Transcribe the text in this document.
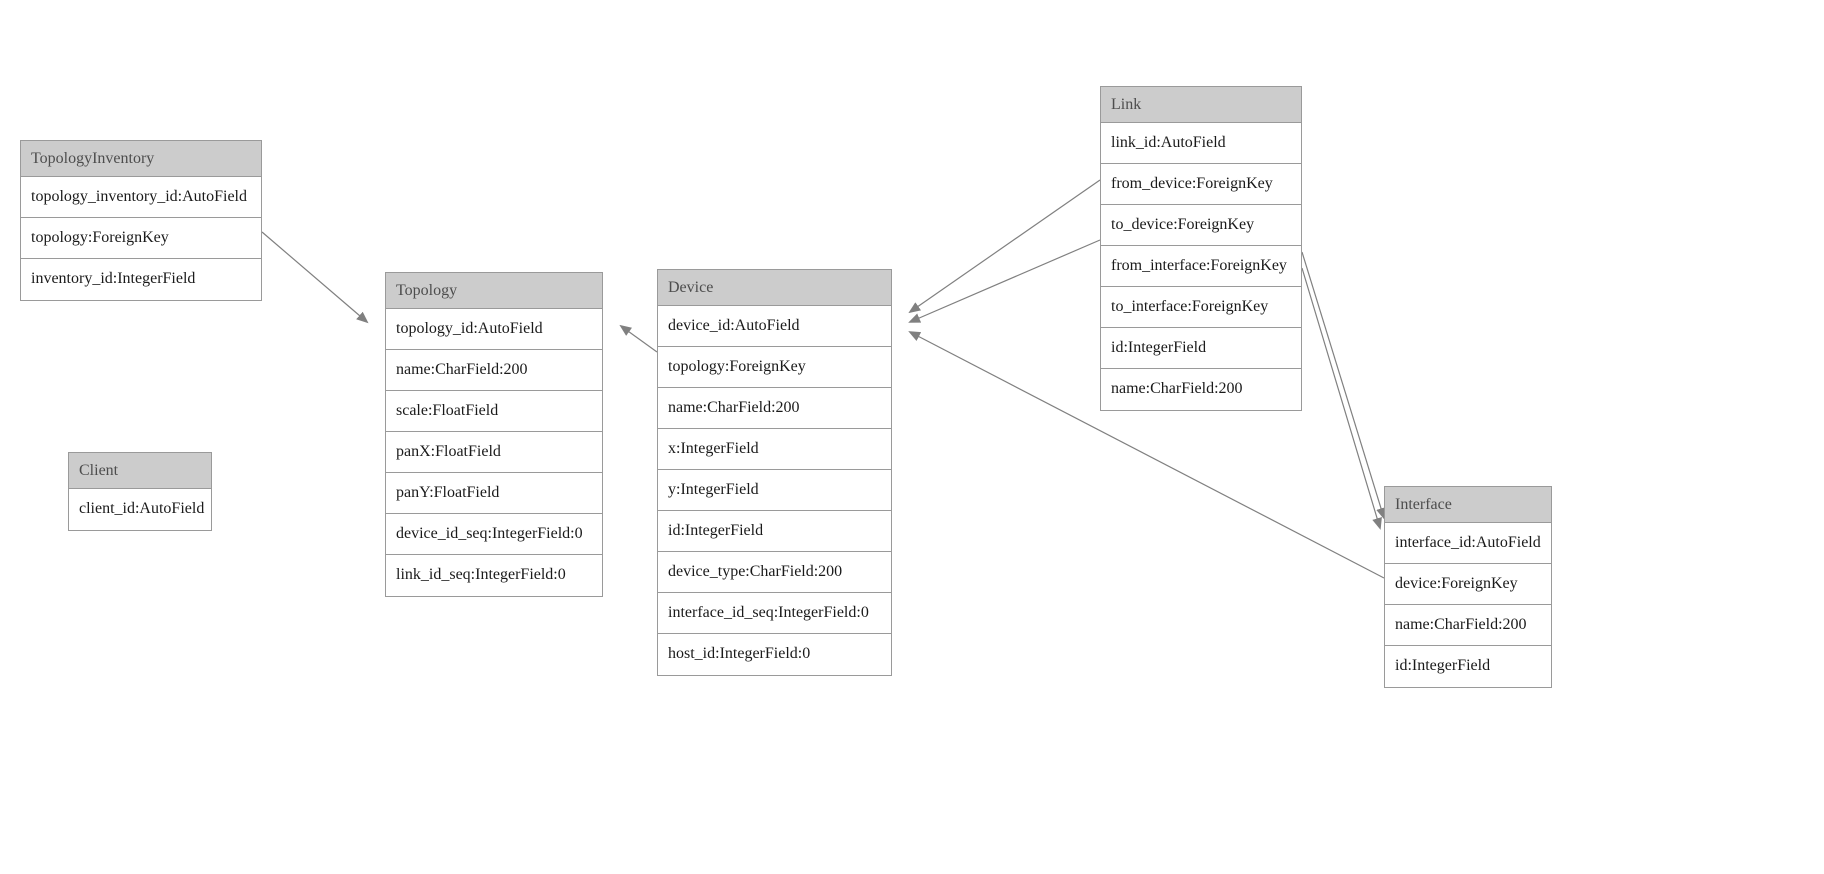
TopologyInventory
topology_inventory_id:AutoField
topology:ForeignKey
inventory_id:IntegerField
Topology
topology_id:AutoField
name:CharField:200
scale:FloatField
panX:FloatField
panY:FloatField
device_id_seq:IntegerField:0
link_id_seq:IntegerField:0
Device
device_id:AutoField
topology:ForeignKey
name:CharField:200
x:IntegerField
y:IntegerField
id:IntegerField
device_type:CharField:200
interface_id_seq:IntegerField:0
host_id:IntegerField:0
Link
link_id:AutoField
from_device:ForeignKey
to_device:ForeignKey
from_interface:ForeignKey
to_interface:ForeignKey
id:IntegerField
name:CharField:200
Interface
interface_id:AutoField
device:ForeignKey
name:CharField:200
id:IntegerField
Client
client_id:AutoField
